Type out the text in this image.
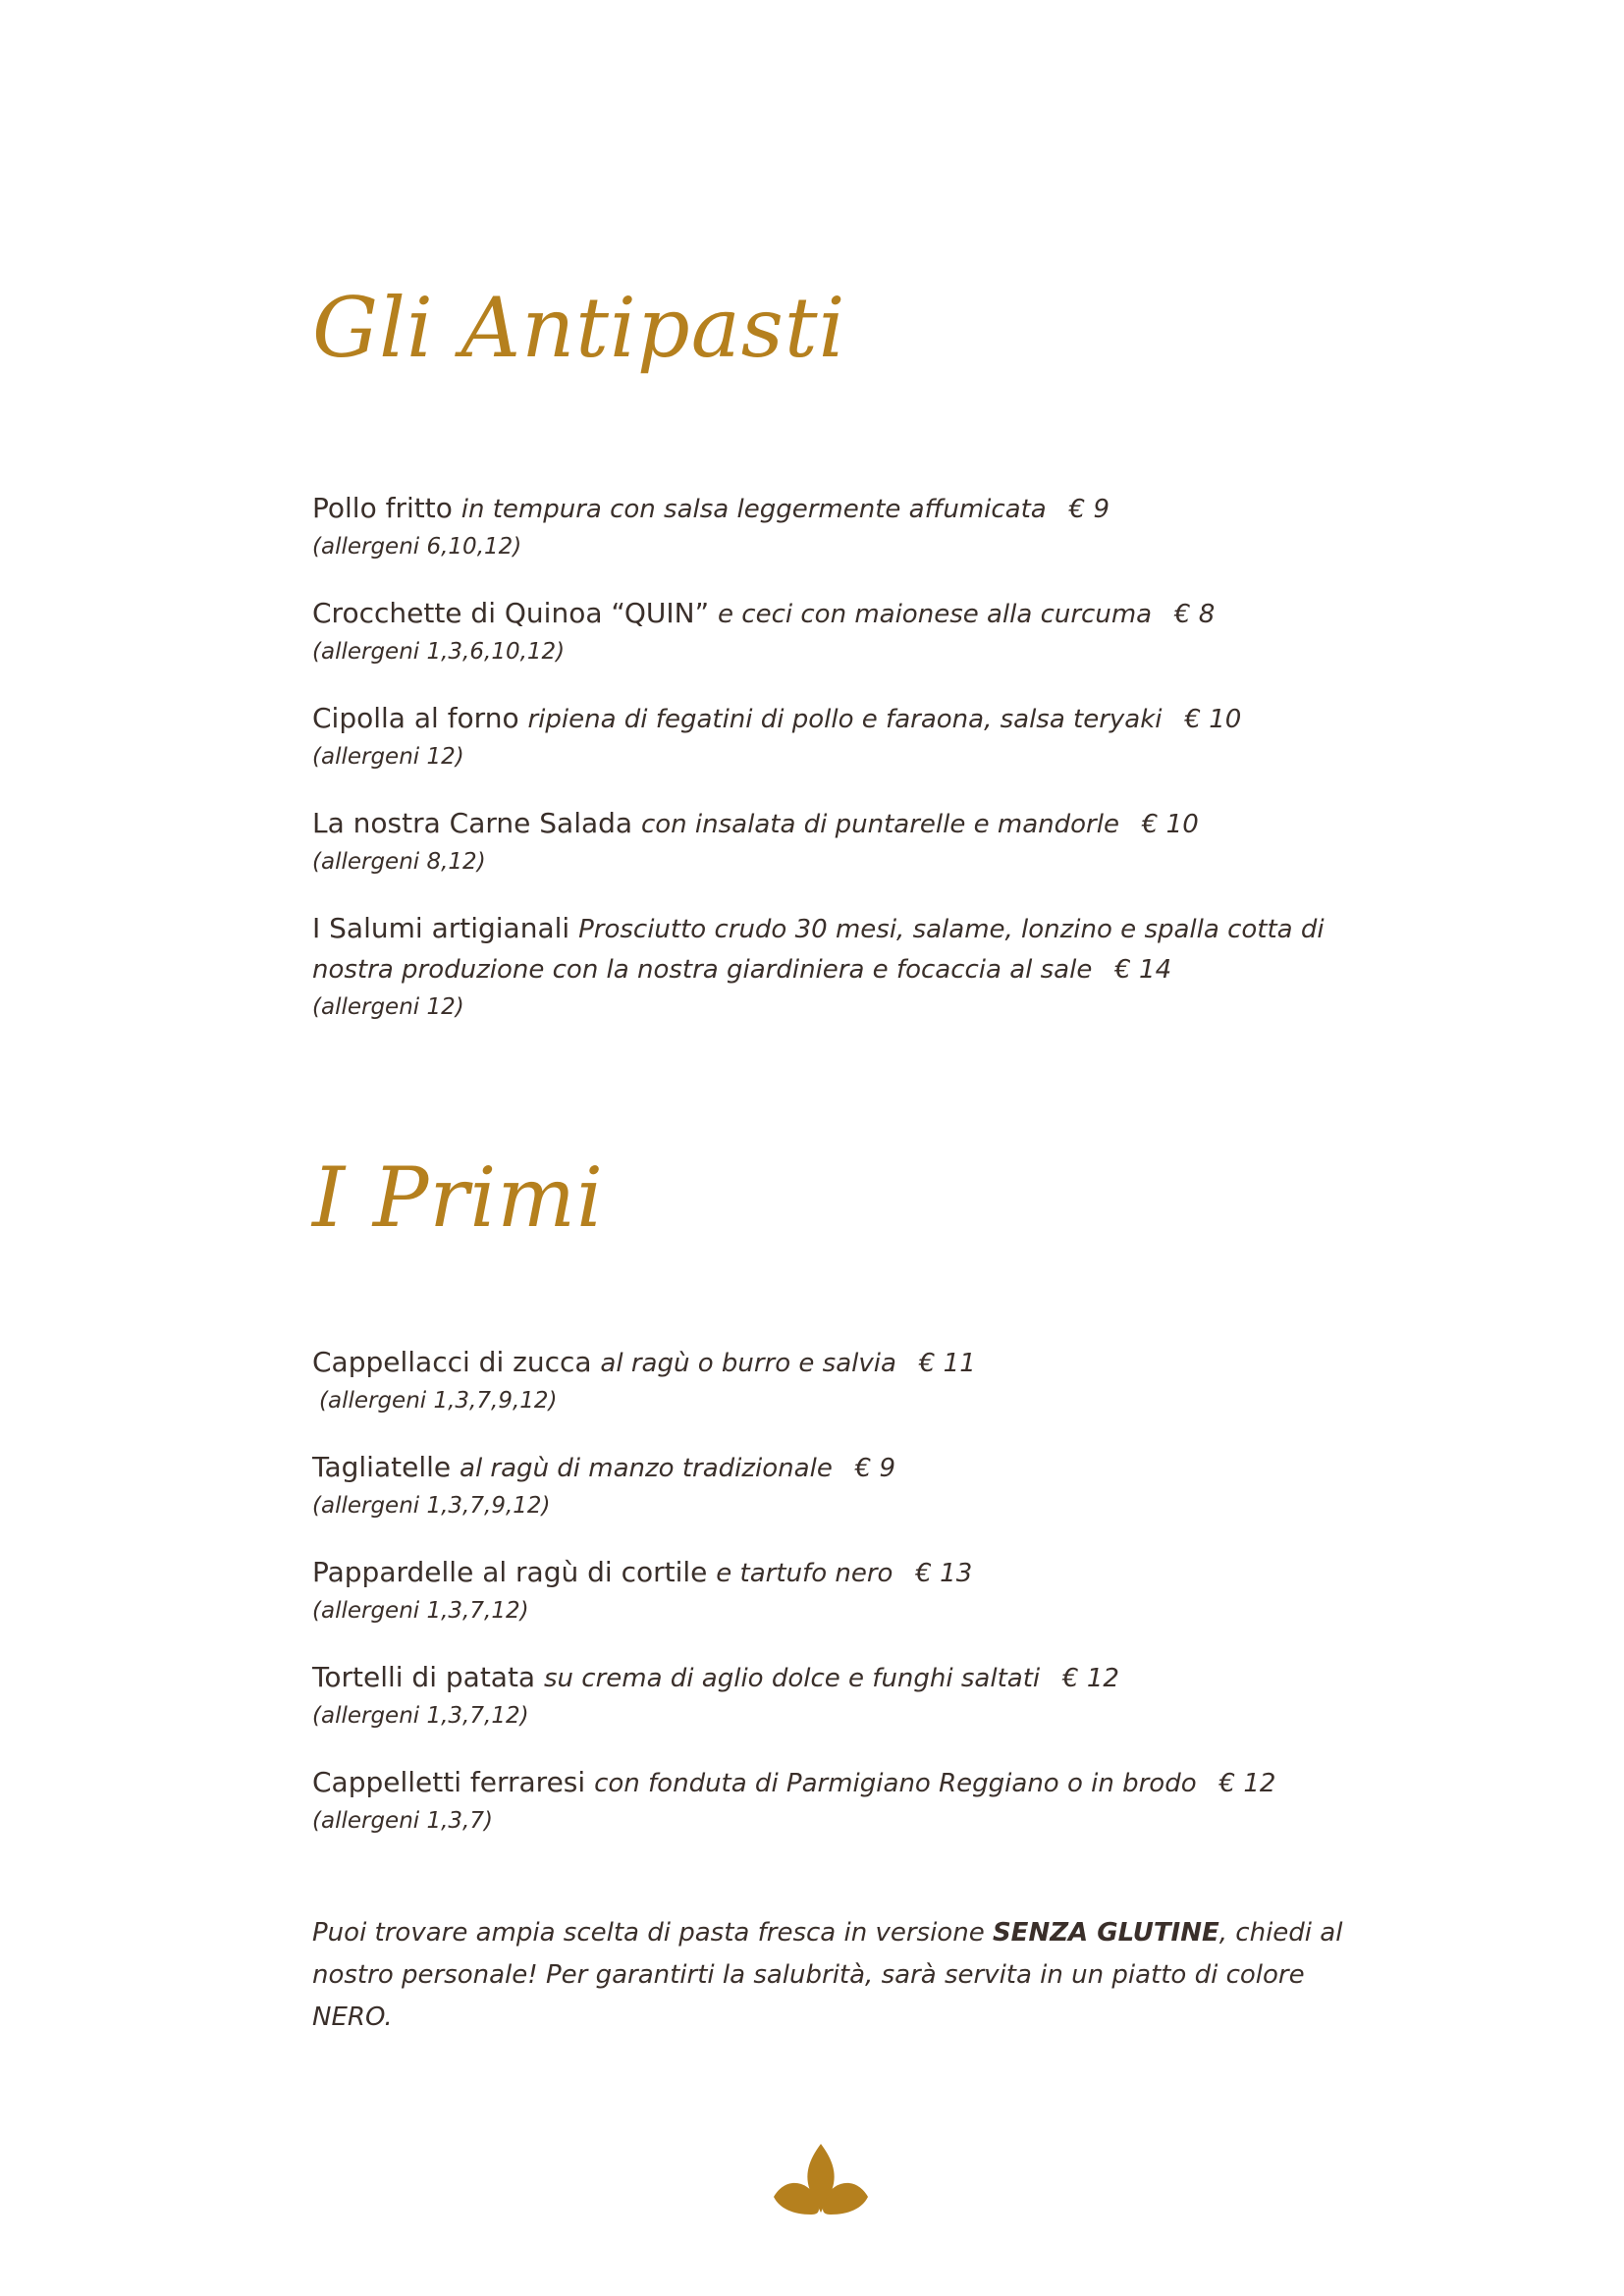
Gli Antipasti
Pollo fritto in tempura con salsa leggermente affumicata € 9
(allergeni 6,10,12)
Crocchette di Quinoa “QUIN” e ceci con maionese alla curcuma € 8
(allergeni 1,3,6,10,12)
Cipolla al forno ripiena di fegatini di pollo e faraona, salsa teryaki € 10
(allergeni 12)
La nostra Carne Salada con insalata di puntarelle e mandorle € 10
(allergeni 8,12)
I Salumi artigianali Prosciutto crudo 30 mesi, salame, lonzino e spalla cotta di nostra produzione con la nostra giardiniera e focaccia al sale € 14
(allergeni 12)
I Primi
Cappellacci di zucca al ragù o burro e salvia € 11
(allergeni 1,3,7,9,12)
Tagliatelle al ragù di manzo tradizionale € 9
(allergeni 1,3,7,9,12)
Pappardelle al ragù di cortile e tartufo nero € 13
(allergeni 1,3,7,12)
Tortelli di patata su crema di aglio dolce e funghi saltati € 12
(allergeni 1,3,7,12)
Cappelletti ferraresi con fonduta di Parmigiano Reggiano o in brodo € 12
(allergeni 1,3,7)

Puoi trovare ampia scelta di pasta fresca in versione SENZA GLUTINE, chiedi al nostro personale! Per garantirti la salubrità, sarà servita in un piatto di colore NERO.
